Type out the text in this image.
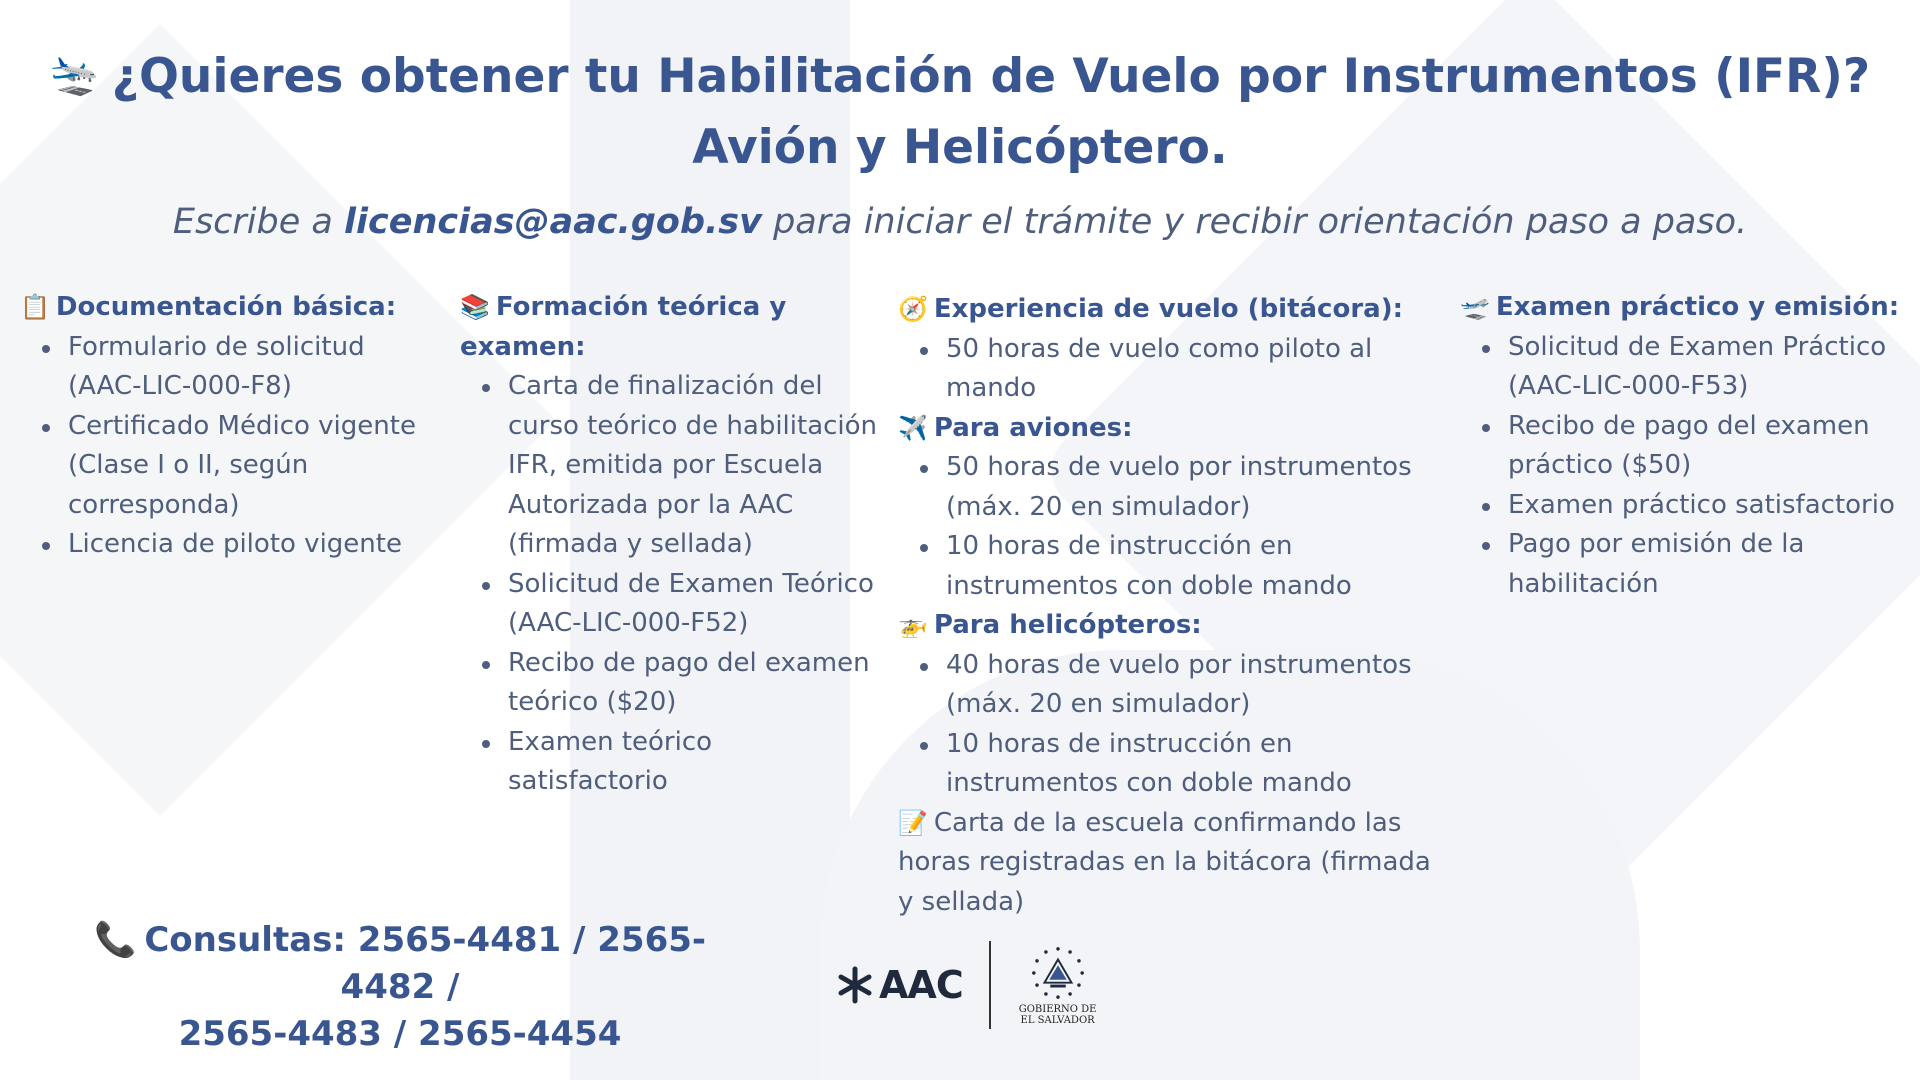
🛬 ¿Quieres obtener tu Habilitación de Vuelo por Instrumentos (IFR)?
Avión y Helicóptero.
Escribe a licencias@aac.gob.sv para iniciar el trámite y recibir orientación paso a paso.
📋 Documentación básica:
Formulario de solicitud (AAC-LIC-000-F8)
Certificado Médico vigente (Clase I o II, según corresponda)
Licencia de piloto vigente
📚 Formación teórica y examen:
Carta de finalización del curso teórico de habilitación IFR, emitida por Escuela Autorizada por la AAC (firmada y sellada)
Solicitud de Examen Teórico (AAC-LIC-000-F52)
Recibo de pago del examen teórico ($20)
Examen teórico satisfactorio
🧭 Experiencia de vuelo (bitácora):
50 horas de vuelo como piloto al mando
✈️ Para aviones:
50 horas de vuelo por instrumentos (máx. 20 en simulador)
10 horas de instrucción en instrumentos con doble mando
🚁 Para helicópteros:
40 horas de vuelo por instrumentos (máx. 20 en simulador)
10 horas de instrucción en instrumentos con doble mando
📝 Carta de la escuela confirmando las horas registradas en la bitácora (firmada y sellada)
🛫 Examen práctico y emisión:
Solicitud de Examen Práctico (AAC-LIC-000-F53)
Recibo de pago del examen práctico ($50)
Examen práctico satisfactorio
Pago por emisión de la habilitación
📞 Consultas: 2565-4481 / 2565-4482 /
2565-4483 / 2565-4454
AAC
GOBIERNO DE
EL SALVADOR
